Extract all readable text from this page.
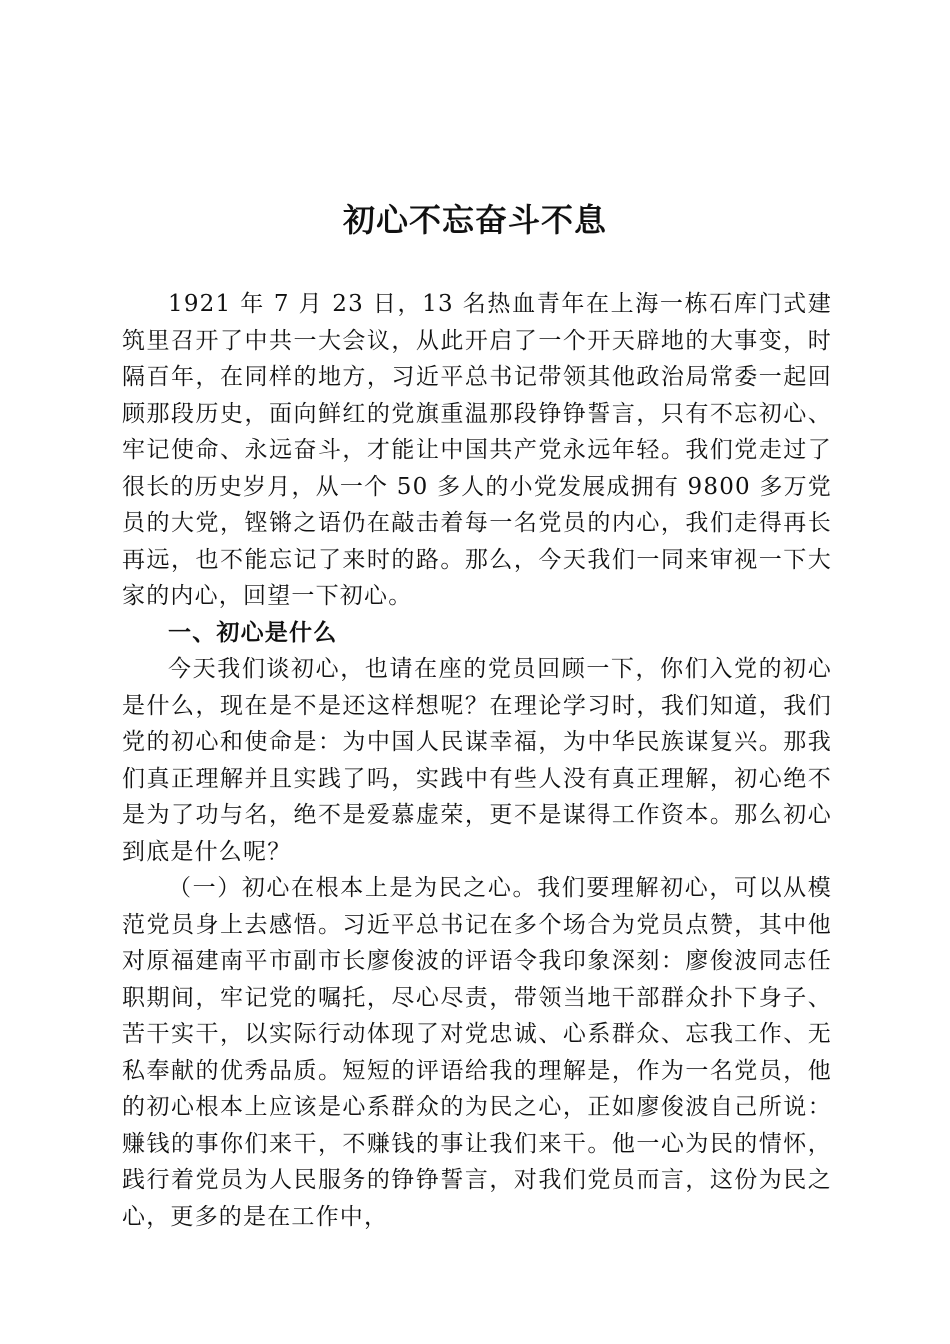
初心不忘奋斗不息

1921 年 7 月 23 日，13 名热血青年在上海一栋石库门式建筑里召开了中共一大会议，从此开启了一个开天辟地的大事变，时隔百年，在同样的地方，习近平总书记带领其他政治局常委一起回顾那段历史，面向鲜红的党旗重温那段铮铮誓言，只有不忘初心、牢记使命、永远奋斗，才能让中国共产党永远年轻。我们党走过了很长的历史岁月，从一个 50 多人的小党发展成拥有 9800 多万党员的大党，铿锵之语仍在敲击着每一名党员的内心，我们走得再长再远，也不能忘记了来时的路。那么，今天我们一同来审视一下大家的内心，回望一下初心。

一、初心是什么

今天我们谈初心，也请在座的党员回顾一下，你们入党的初心是什么，现在是不是还这样想呢？在理论学习时，我们知道，我们党的初心和使命是：为中国人民谋幸福，为中华民族谋复兴。那我们真正理解并且实践了吗，实践中有些人没有真正理解，初心绝不是为了功与名，绝不是爱慕虚荣，更不是谋得工作资本。那么初心到底是什么呢？

（一）初心在根本上是为民之心。我们要理解初心，可以从模范党员身上去感悟。习近平总书记在多个场合为党员点赞，其中他对原福建南平市副市长廖俊波的评语令我印象深刻：廖俊波同志任职期间，牢记党的嘱托，尽心尽责，带领当地干部群众扑下身子、苦干实干，以实际行动体现了对党忠诚、心系群众、忘我工作、无私奉献的优秀品质。短短的评语给我的理解是，作为一名党员，他的初心根本上应该是心系群众的为民之心，正如廖俊波自己所说：赚钱的事你们来干，不赚钱的事让我们来干。他一心为民的情怀，践行着党员为人民服务的铮铮誓言，对我们党员而言，这份为民之心，更多的是在工作中，
